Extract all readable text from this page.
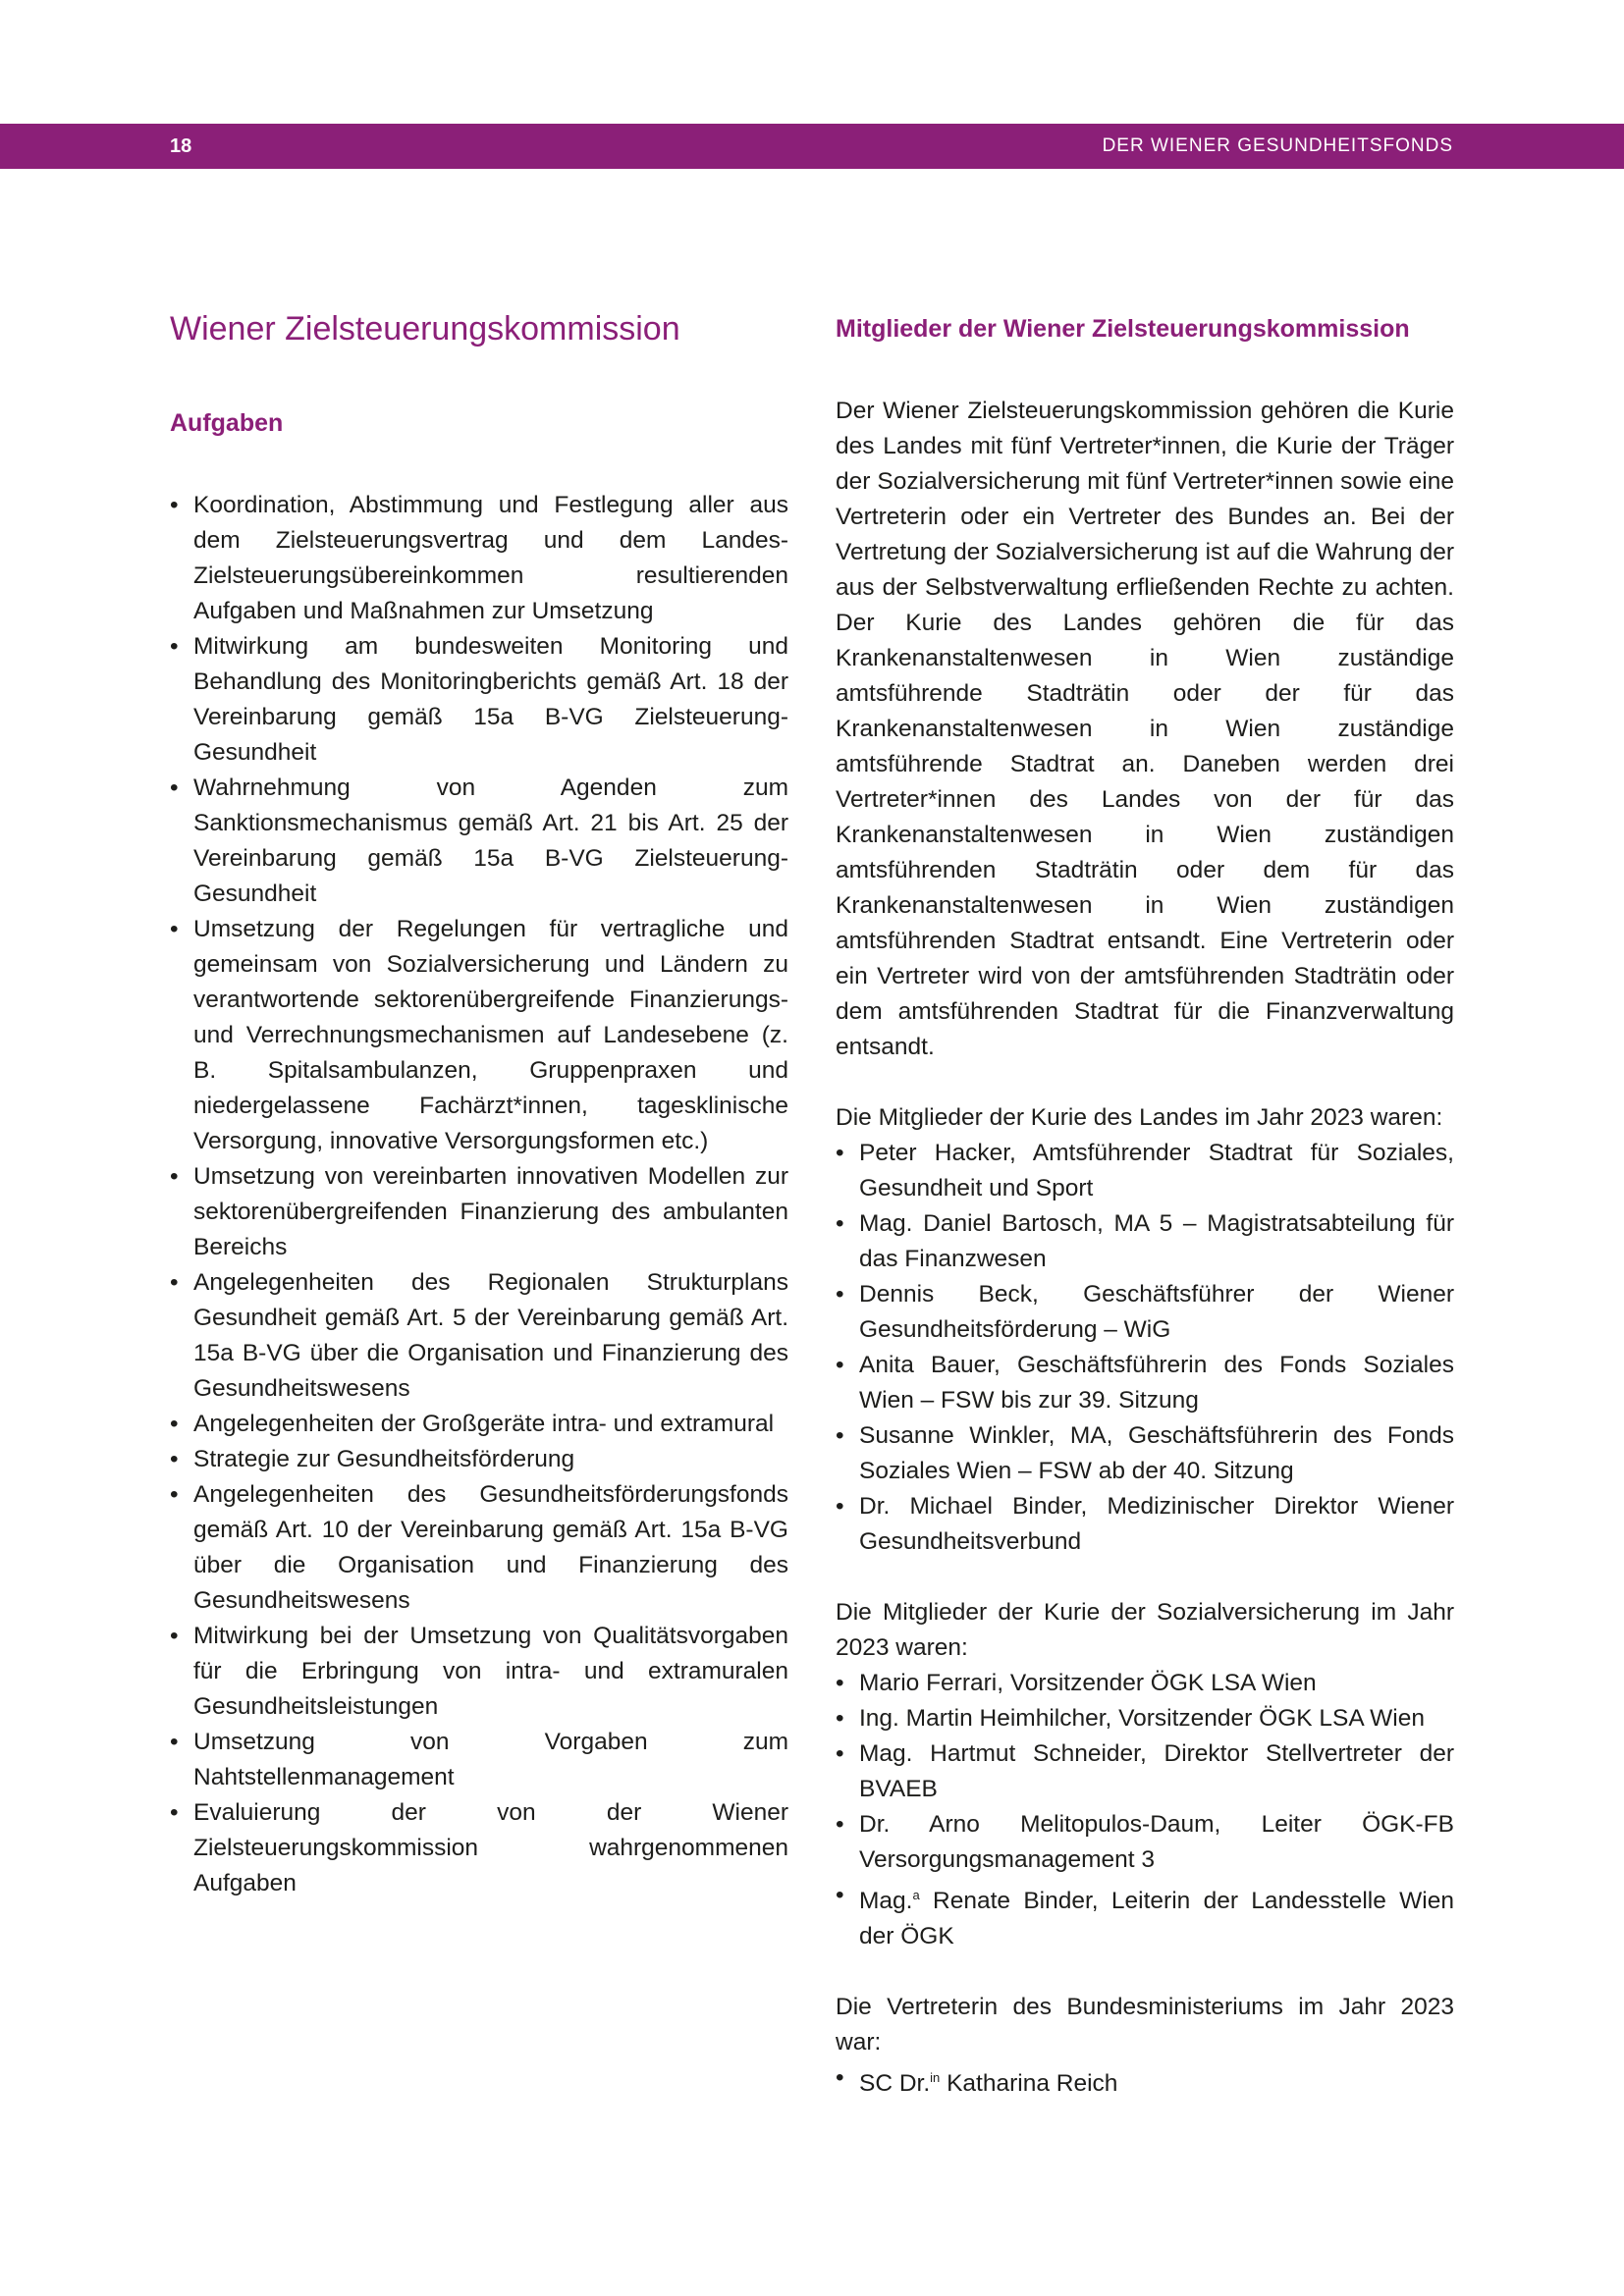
18	DER WIENER GESUNDHEITSFONDS
Wiener Zielsteuerungskommission
Aufgaben
• Koordination, Abstimmung und Festlegung aller aus dem Zielsteuerungsvertrag und dem Landes-Zielsteuerungsübereinkommen resultierenden Aufgaben und Maßnahmen zur Umsetzung
• Mitwirkung am bundesweiten Monitoring und Behandlung des Monitoringberichts gemäß Art. 18 der Vereinbarung gemäß 15a B-VG Zielsteuerung-Gesundheit
• Wahrnehmung von Agenden zum Sanktionsmechanismus gemäß Art. 21 bis Art. 25 der Vereinbarung gemäß 15a B-VG Zielsteuerung-Gesundheit
• Umsetzung der Regelungen für vertragliche und gemeinsam von Sozialversicherung und Ländern zu verantwortende sektorenübergreifende Finanzierungs- und Verrechnungsmechanismen auf Landesebene (z. B. Spitalsambulanzen, Gruppenpraxen und niedergelassene Fachärzt*innen, tagesklinische Versorgung, innovative Versorgungsformen etc.)
• Umsetzung von vereinbarten innovativen Modellen zur sektorenübergreifenden Finanzierung des ambulanten Bereichs
• Angelegenheiten des Regionalen Strukturplans Gesundheit gemäß Art. 5 der Vereinbarung gemäß Art. 15a B-VG über die Organisation und Finanzierung des Gesundheitswesens
• Angelegenheiten der Großgeräte intra- und extramural
• Strategie zur Gesundheitsförderung
• Angelegenheiten des Gesundheitsförderungsfonds gemäß Art. 10 der Vereinbarung gemäß Art. 15a B-VG über die Organisation und Finanzierung des Gesundheitswesens
• Mitwirkung bei der Umsetzung von Qualitätsvorgaben für die Erbringung von intra- und extramuralen Gesundheitsleistungen
• Umsetzung von Vorgaben zum Nahtstellenmanagement
• Evaluierung der von der Wiener Zielsteuerungskommission wahrgenommenen Aufgaben
Mitglieder der Wiener Zielsteuerungskommission

Der Wiener Zielsteuerungskommission gehören die Kurie des Landes mit fünf Vertreter*innen, die Kurie der Träger der Sozialversicherung mit fünf Vertreter*innen sowie eine Vertreterin oder ein Vertreter des Bundes an. Bei der Vertretung der Sozialversicherung ist auf die Wahrung der aus der Selbstverwaltung erfließenden Rechte zu achten. Der Kurie des Landes gehören die für das Krankenanstaltenwesen in Wien zuständige amtsführende Stadträtin oder der für das Krankenanstaltenwesen in Wien zuständige amtsführende Stadtrat an. Daneben werden drei Vertreter*innen des Landes von der für das Krankenanstaltenwesen in Wien zuständigen amtsführenden Stadträtin oder dem für das Krankenanstaltenwesen in Wien zuständigen amtsführenden Stadtrat entsandt. Eine Vertreterin oder ein Vertreter wird von der amtsführenden Stadträtin oder dem amtsführenden Stadtrat für die Finanzverwaltung entsandt.

Die Mitglieder der Kurie des Landes im Jahr 2023 waren:

• Peter Hacker, Amtsführender Stadtrat für Soziales, Gesundheit und Sport
• Mag. Daniel Bartosch, MA 5 – Magistratsabteilung für das Finanzwesen
• Dennis Beck, Geschäftsführer der Wiener Gesundheitsförderung – WiG
• Anita Bauer, Geschäftsführerin des Fonds Soziales Wien – FSW bis zur 39. Sitzung
• Susanne Winkler, MA, Geschäftsführerin des Fonds Soziales Wien – FSW ab der 40. Sitzung
• Dr. Michael Binder, Medizinischer Direktor Wiener Gesundheitsverbund

Die Mitglieder der Kurie der Sozialversicherung im Jahr 2023 waren:

• Mario Ferrari, Vorsitzender ÖGK LSA Wien
• Ing. Martin Heimhilcher, Vorsitzender ÖGK LSA Wien
• Mag. Hartmut Schneider, Direktor Stellvertreter der BVAEB
• Dr. Arno Melitopulos-Daum, Leiter ÖGK-FB Versorgungsmanagement 3
• Mag.$^a$ Renate Binder, Leiterin der Landesstelle Wien der ÖGK

Die Vertreterin des Bundesministeriums im Jahr 2023 war:

• SC Dr.$^{in}$ Katharina Reich
